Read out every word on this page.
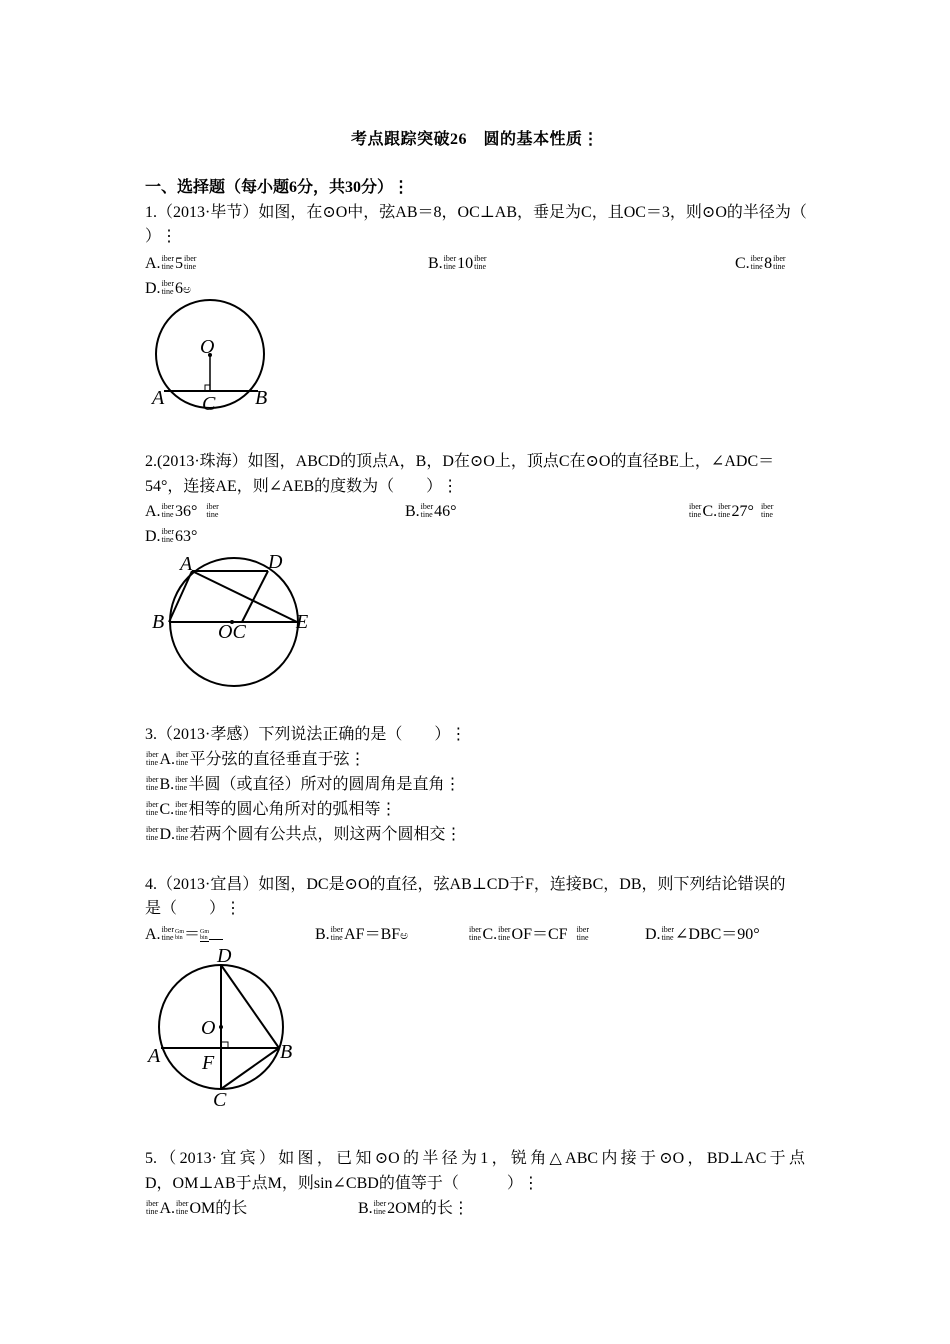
考点跟踪突破26　圆的基本性质⋮
一、选择题（每小题6分，共30分）⋮
1.（2013·毕节）如图，在⊙O中，弦AB＝8，OC⊥AB，垂足为C，且OC＝3，则⊙O的半径为（
）⋮
A. iber
tine 5 iber
tine	B. iber
tine 10 iber
tine	C. iber
tine 8 iber
tine
D. iber
tine 6ಅ
O
A C B
2.(2013·珠海）如图，ABCD的顶点A，B，D在⊙O上，顶点C在⊙O的直径BE上，∠ADC＝
54°，连接AE，则∠AEB的度数为（　　）⋮
A. iber
tine 36° iber
tine	B. iber
tine 46°	iber
tine C. iber
tine 27° iber
tine
D. iber
tine 63°
A	D
B	OC	E
3.（2013·孝感）下列说法正确的是（　　）⋮
iber
tine A. iber
tine 平分弦的直径垂直于弦⋮
iber
tine B. iber
tine 半圆（或直径）所对的圆周角是直角⋮
iber
tine C. iber
tine 相等的圆心角所对的弧相等⋮
iber
tine D. iber
tine 若两个圆有公共点，则这两个圆相交⋮
4.（2013·宜昌）如图，DC是⊙O的直径，弦AB⊥CD于F，连接BC，DB，则下列结论错误的
是（　　）⋮
A. iber
tine
Gm
bin ＝ Gm
bin	B. iber
tine AF＝BFಅ	iber
tine C. iber
tine OF＝CF iber
tine	D. iber
tine ∠DBC＝90°
D
O
A F	B
C
5.（2013·宜宾）如图，已知⊙O的半径为1，锐角△ABC内接于⊙O，BD⊥AC于点
D，OM⊥AB于点M，则sin∠CBD的值等于（　　　）⋮
iber
tine A. iber
tine OM的长	B. iber
tine 2OM的长⋮
